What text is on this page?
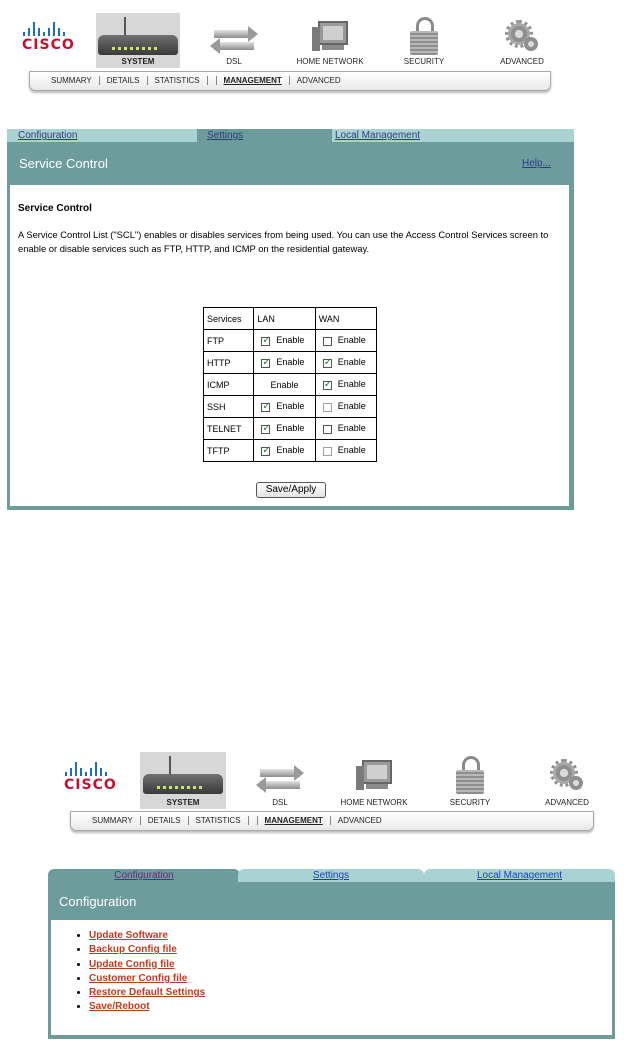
CISCO
SYSTEM	DSL	HOME NETWORK	SECURITY	ADVANCED
SUMMARY DETAILS STATISTICS	MANAGEMENT ADVANCED
Configuration	Settings	Local Management
Service Control	Help...
Service Control
A Service Control List ("SCL") enables or disables services from being used. You can use the Access Control Services screen to enable or disable services such as FTP, HTTP, and ICMP on the residential gateway.
Services	LAN	WAN
FTP	✓Enable	Enable
HTTP	✓Enable	✓Enable
ICMP	Enable	✓Enable
SSH	✓Enable	Enable
TELNET	✓Enable	Enable
TFTP	✓Enable	Enable
Save/Apply
CISCO
SYSTEM	DSL	HOME NETWORK	SECURITY	ADVANCED
SUMMARY DETAILS STATISTICS	MANAGEMENT ADVANCED
Configuration	Settings	Local Management
Configuration
• Update Software
• Backup Config file
• Update Config file
• Customer Config file
• Restore Default Settings
• Save/Reboot
